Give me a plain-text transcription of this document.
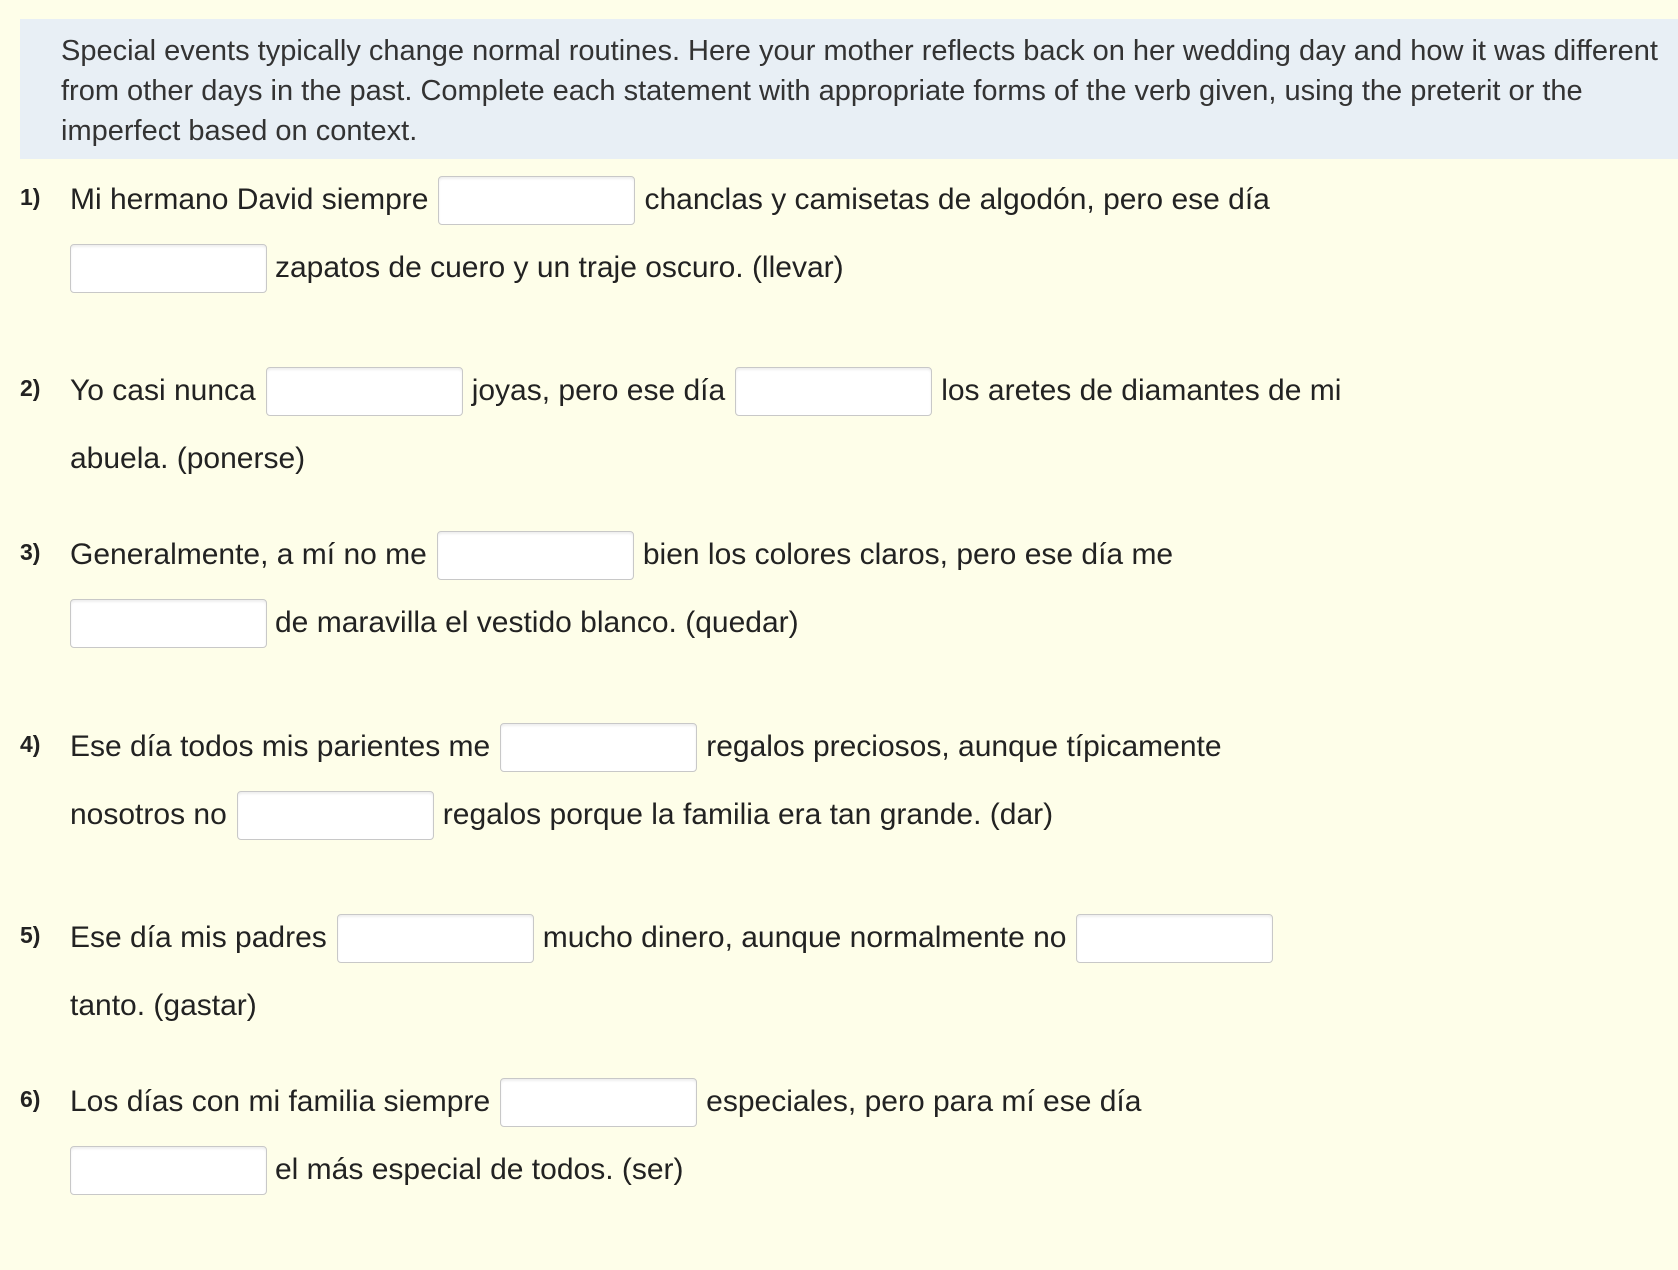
Special events typically change normal routines. Here your mother reflects back on her wedding day and how it was different from other days in the past. Complete each statement with appropriate forms of the verb given, using the preterit or the imperfect based on context.
1) Mi hermano David siempre	chanclas y camisetas de algodón, pero ese día
zapatos de cuero y un traje oscuro. (llevar)
2) Yo casi nunca	joyas, pero ese día	los aretes de diamantes de mi
abuela. (ponerse)
3) Generalmente, a mí no me	bien los colores claros, pero ese día me
de maravilla el vestido blanco. (quedar)
4) Ese día todos mis parientes me	regalos preciosos, aunque típicamente
nosotros no	regalos porque la familia era tan grande. (dar)
5) Ese día mis padres	mucho dinero, aunque normalmente no
tanto. (gastar)
6) Los días con mi familia siempre	especiales, pero para mí ese día
el más especial de todos. (ser)
